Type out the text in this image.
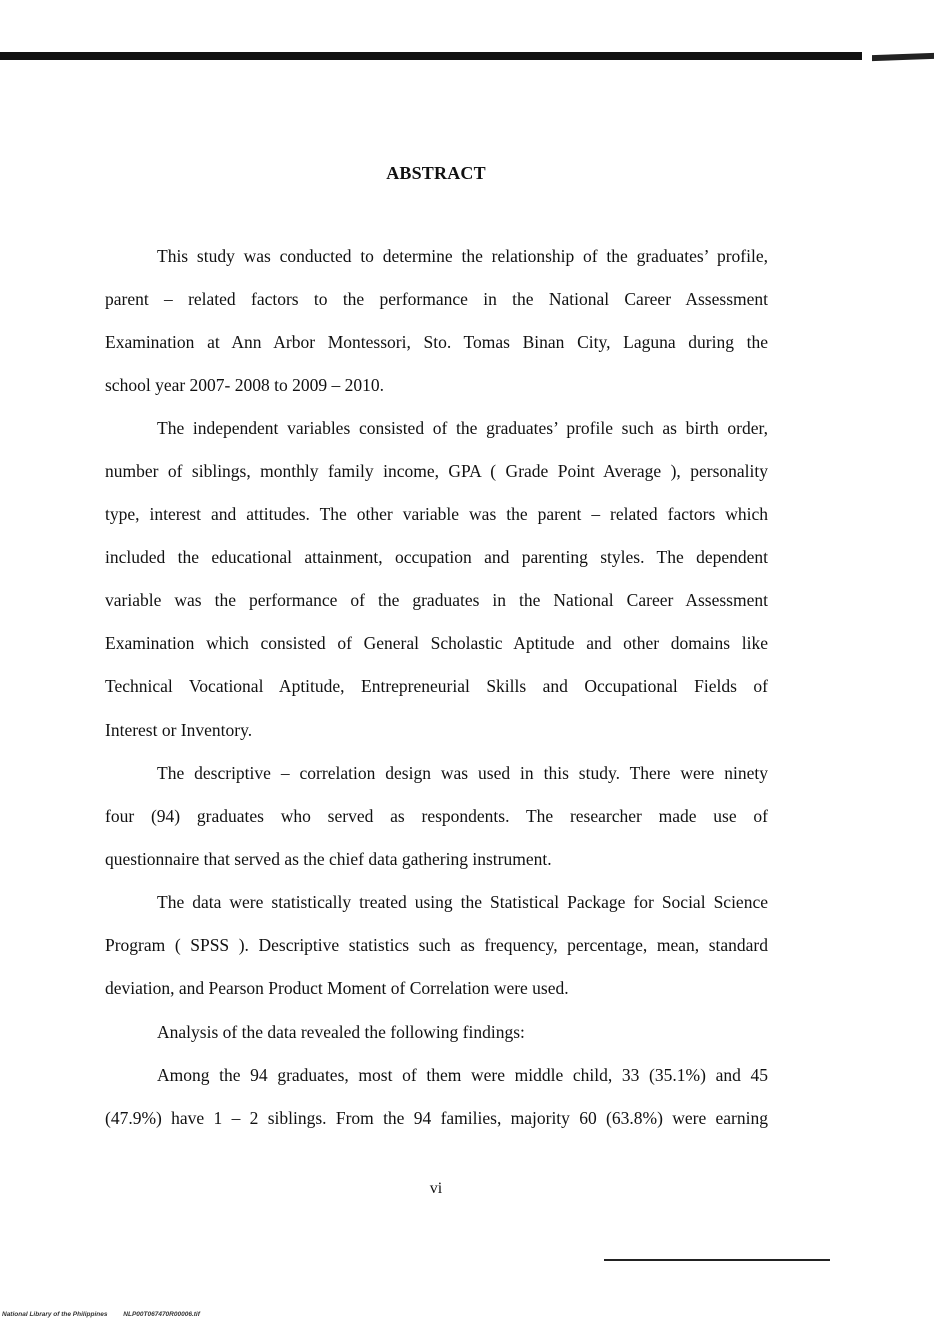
ABSTRACT
This study was conducted to determine the relationship of the graduates’ profile,
parent – related factors to the performance in the National Career Assessment
Examination at Ann Arbor Montessori, Sto. Tomas Binan City, Laguna during the
school year 2007- 2008 to 2009 – 2010.
The independent variables consisted of the graduates’ profile such as birth order,
number of siblings, monthly family income, GPA ( Grade Point Average ), personality
type, interest and attitudes. The other variable was the parent – related factors which
included the educational attainment, occupation and parenting styles. The dependent
variable was the performance of the graduates in the National Career Assessment
Examination which consisted of General Scholastic Aptitude and other domains like
Technical Vocational Aptitude, Entrepreneurial Skills and Occupational Fields of
Interest or Inventory.
The descriptive – correlation design was used in this study. There were ninety
four (94) graduates who served as respondents. The researcher made use of
questionnaire that served as the chief data gathering instrument.
The data were statistically treated using the Statistical Package for Social Science
Program ( SPSS ). Descriptive statistics such as frequency, percentage, mean, standard
deviation, and Pearson Product Moment of Correlation were used.
Analysis of the data revealed the following findings:
Among the 94 graduates, most of them were middle child, 33 (35.1%) and 45
(47.9%) have 1 – 2 siblings. From the 94 families, majority 60 (63.8%) were earning
vi
National Library of the Philippines NLP00T067470R00006.tif
